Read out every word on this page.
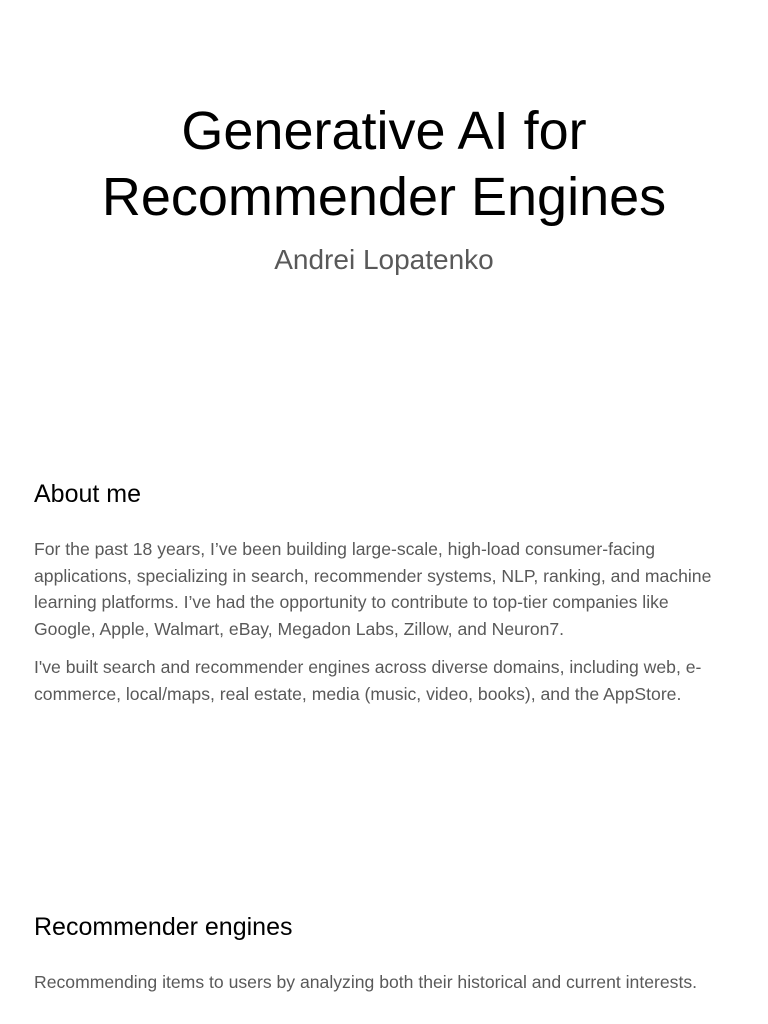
Generative AI for
Recommender Engines

Andrei Lopatenko

About me

For the past 18 years, I’ve been building large-scale, high-load consumer-facing applications, specializing in search, recommender systems, NLP, ranking, and machine learning platforms. I’ve had the opportunity to contribute to top-tier companies like Google, Apple, Walmart, eBay, Megadon Labs, Zillow, and Neuron7.

I've built search and recommender engines across diverse domains, including web, e-commerce, local/maps, real estate, media (music, video, books), and the AppStore.

Recommender engines

Recommending items to users by analyzing both their historical and current interests.
